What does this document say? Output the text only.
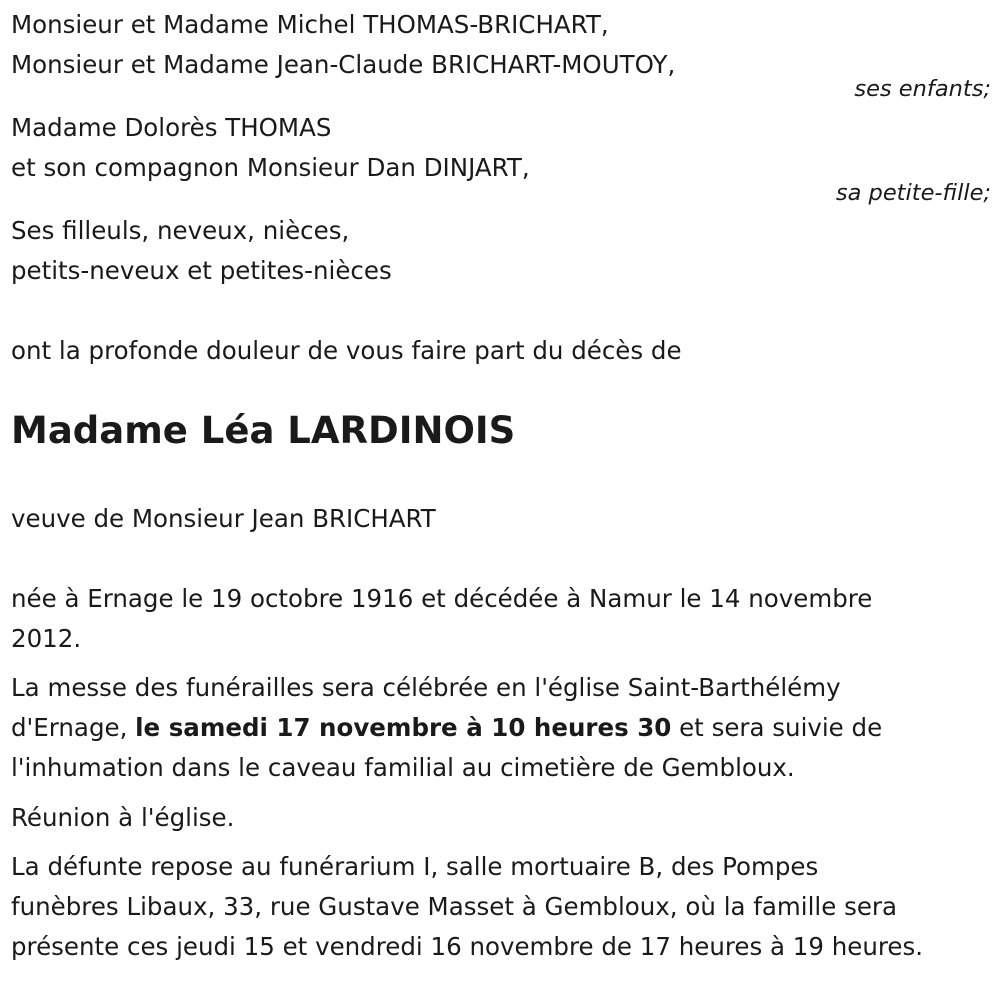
Monsieur et Madame Michel THOMAS-BRICHART,
Monsieur et Madame Jean-Claude BRICHART-MOUTOY,
ses enfants;
Madame Dolorès THOMAS
et son compagnon Monsieur Dan DINJART,
sa petite-fille;
Ses filleuls, neveux, nièces,
petits-neveux et petites-nièces
ont la profonde douleur de vous faire part du décès de
Madame Léa LARDINOIS
veuve de Monsieur Jean BRICHART
née à Ernage le 19 octobre 1916 et décédée à Namur le 14 novembre
2012.
La messe des funérailles sera célébrée en l'église Saint-Barthélémy
d'Ernage, le samedi 17 novembre à 10 heures 30 et sera suivie de
l'inhumation dans le caveau familial au cimetière de Gembloux.
Réunion à l'église.
La défunte repose au funérarium I, salle mortuaire B, des Pompes
funèbres Libaux, 33, rue Gustave Masset à Gembloux, où la famille sera
présente ces jeudi 15 et vendredi 16 novembre de 17 heures à 19 heures.
